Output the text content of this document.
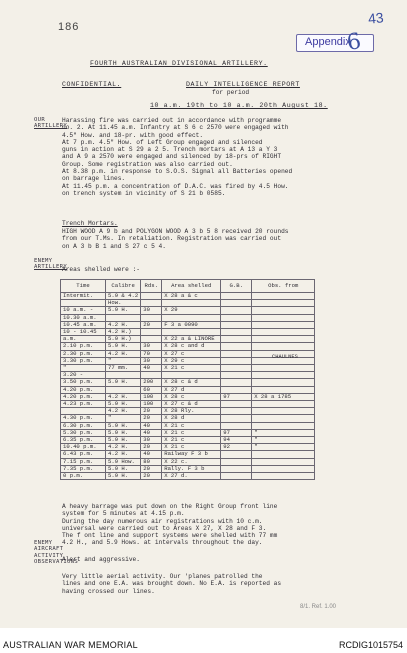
186
43
Appendix
6
FOURTH AUSTRALIAN DIVISIONAL ARTILLERY.
CONFIDENTIAL.	DAILY INTELLIGENCE REPORT
for period
10 a.m. 19th to 10 a.m. 20th August 18.
OUR
ARTILLERY
Harassing fire was carried out in accordance with programme
no. 2. At 11.45 a.m. Infantry at S 6 c 2570 were engaged with
4.5" How. and 18-pr. with good effect.
At 7 p.m. 4.5" How. of Left Group engaged and silenced
guns in action at S 29 a 2 5. Trench mortars at A 13 a Y 3
and A 9 a 2570 were engaged and silenced by 18-prs of RIGHT
Group. Some registration was also carried out.
At 8.38 p.m. in response to S.O.S. Signal all Batteries opened
on barrage lines.
At 11.45 p.m. a concentration of D.A.C. was fired by 4.5 How.
on trench system in vicinity of S 21 b 0585.
Trench Mortars.
HIGH WOOD A 9 b and POLYGON WOOD A 3 b 5 8 received 20 rounds
from our T.Ms. In retaliation. Registration was carried out
on A 3 b B 1 and S 27 c 5 4.
ENEMY
ARTILLERY
Areas shelled were :-
Time	Calibre	Rds.	Area shelled	G.B.	Obs. from
Intermit.	5.9 & 4.2		X 28 a & c		
	How.				
10 a.m. -	5.9 H.	30	X 29		
10.30 a.m.					
10.45 a.m.	4.2 H.	20	F 3 a 0090		
10 - 10.45	4.2 H.)				
a.m.	5.9 H.)		X 22 a & LINORE		
2.10 p.m.	5.9 H.	30	X 28 c and d		
2.30 p.m.	4.2 H.	70	X 27 c		
3.30 p.m.	"	30	X 29 c		
"	77 mm.	40	X 21 c		
3.20 -					
3.50 p.m.	5.9 H.	200	X 28 c & d		
4.20 p.m.		60	X 27 d		
4.20 p.m.	4.2 H.	100	X 28 c	97	X 28 a 1785
4.23 p.m.	5.9 H.	100	X 27 c & d		
	4.2 H.	20	X 28 Rly.		
4.30 p.m.	"	20	X 28 d		
6.30 p.m.	5.9 H.	40	X 21 c		
5.30 p.m.	5.9 H.	40	X 21 c	97	"
6.35 p.m.	5.9 H.	30	X 21 c	94	"
10.40 p.m.	4.2 H.	20	X 21 c	92	"
6.43 p.m.	4.2 H.	40	Railway F 3 b		
7.15 p.m.	5.9 How.	80	X 22 c.		
7.35 p.m.	5.9 H.	20	Rally. F 3 b		
0 p.m.	5.9 H.	20	X 27 d.		
CHAULNES
A heavy barrage was put down on the Right Group front line
system for 5 minutes at 4.15 p.m.
During the day numerous air registrations with 10 c.m.
universal were carried out to Areas X 27, X 28 and F 3.
The f ont line and support systems were shelled with 77 mm
4.2 H., and 5.9 Hows. at intervals throughout the day.
Alert and aggressive.
ENEMY
AIRCRAFT
ACTIVITY
OBSERVATIONS
Very little aerial activity. Our 'planes patrolled the
lines and one E.A. was brought down. No E.A. is reported as
having crossed our lines.
8/1. Ref. 1.00
AUSTRALIAN WAR MEMORIAL	RCDIG1015754
